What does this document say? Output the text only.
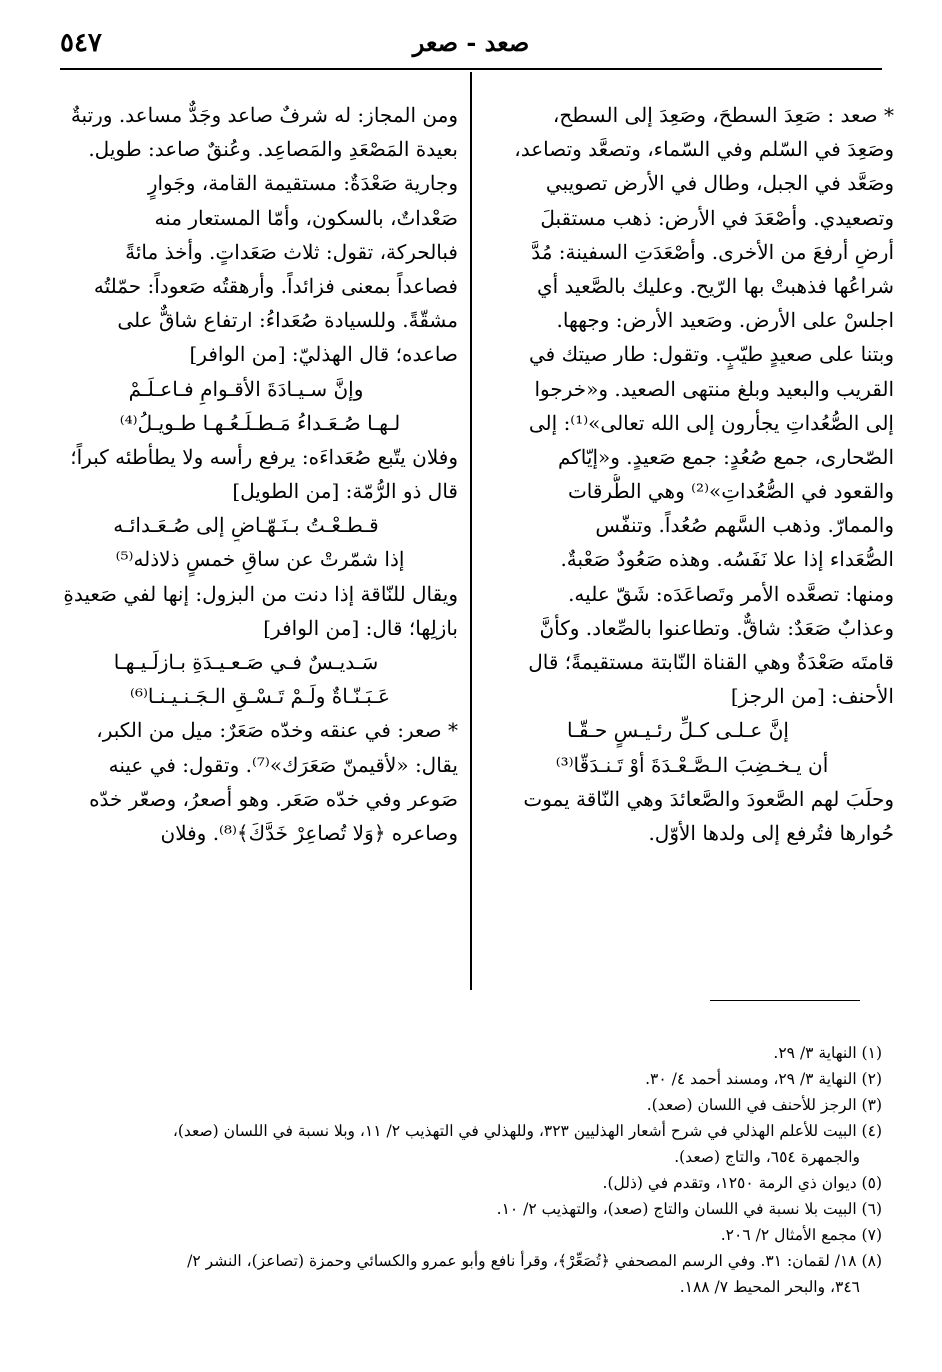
صعد - صعر
٥٤٧
* صعد : صَعِدَ السطحَ، وصَعِدَ إلى السطح،
وصَعِدَ في السّلم وفي السّماء، وتصعَّد وتصاعد،
وصَعَّد في الجبل، وطال في الأرض تصويبي
وتصعيدي. وأصْعَدَ في الأرض: ذهب مستقبلَ
أرضٍ أرفعَ من الأخرى. وأصْعَدَتِ السفينة: مُدَّ
شراعُها فذهبتْ بها الرّيح. وعليك بالصَّعيد أي
اجلسْ على الأرض. وصَعيد الأرض: وجهها.
وبتنا على صعيدٍ طيّبٍ. وتقول: طار صيتك في
القريب والبعيد وبلغ منتهى الصعيد. و«خرجوا
إلى الصُّعُداتِ يجأرون إلى الله تعالى»⁽¹⁾: إلى
الصّحارى، جمع صُعُدٍ: جمع صَعيدٍ. و«إيّاكم
والقعود في الصُّعُداتِ»⁽²⁾ وهي الطُّرقات
والممارّ. وذهب السَّهم صُعُداً. وتنفّس
الصُّعَداء إذا علا نَفَسُه. وهذه صَعُودٌ صَعْبةٌ.
ومنها: تصعَّده الأمر وتَصاعَدَه: شَقّ عليه.
وعذابٌ صَعَدٌ: شاقٌّ. وتطاعنوا بالصِّعاد. وكأنَّ
قامتَه صَعْدَةٌ وهي القناة النّابتة مستقيمةً؛ قال
الأحنف: [من الرجز]
إنَّ عـلـى كـلِّ رئـيـسٍ حـقّـا
أن يـخـضِبَ الـصَّـعْـدَةَ أوْ تَـنـدَقّا⁽³⁾
وحلَبَ لهم الصَّعودَ والصَّعائدَ وهي النّاقة يموت
حُوارها فتُرفع إلى ولدها الأوّل.
ومن المجاز: له شرفٌ صاعد وجَدٌّ مساعد. ورتبةٌ
بعيدة المَصْعَدِ والمَصاعِد. وعُنقٌ صاعد: طويل.
وجارية صَعْدَةٌ: مستقيمة القامة، وجَوارٍ
صَعْداتٌ، بالسكون، وأمّا المستعار منه
فبالحركة، تقول: ثلاث صَعَداتٍ. وأخذ مائةً
فصاعداً بمعنى فزائداً. وأرهقتُه صَعوداً: حمّلتُه
مشقّةً. وللسيادة صُعَداءُ: ارتفاع شاقٌّ على
صاعده؛ قال الهذليّ: [من الوافر]
وإنَّ سـيـادَةَ الأقـوامِ فـاعـلَـمْ
لـهـا صُـعَـداءُ مَـطـلَـعُـهـا طـويـلُ⁽⁴⁾
وفلان يتّبع صُعَداءَه: يرفع رأسه ولا يطأطئه كبراً؛
قال ذو الرُّمّة: [من الطويل]
قـطـعْـتُ بـنَـهّـاضٍ إلى صُـعَـدائـه
إذا شمّرتْ عن ساقِ خمسٍ ذلاذله⁽⁵⁾
ويقال للنّاقة إذا دنت من البزول: إنها لفي صَعيدةِ
بازلِها؛ قال: [من الوافر]
سَـديـسٌ فـي صَـعـيـدَةِ بـازلَـيـهـا
عَـبَـنّـاةٌ ولَـمْ تَـسْـقِ الـجَـنـيـنـا⁽⁶⁾
* صعر: في عنقه وخدّه صَعَرٌ: ميل من الكبر،
يقال: «لأقيمنّ صَعَرَك»⁽⁷⁾. وتقول: في عينه
صَوعر وفي خدّه صَعَر. وهو أصعرُ، وصعّر خدّه
وصاعره ﴿وَلا تُصاعِرْ خَدَّكَ﴾⁽⁸⁾. وفلان
(١) النهاية ٣/ ٢٩.
(٢) النهاية ٣/ ٢٩، ومسند أحمد ٤/ ٣٠.
(٣) الرجز للأحنف في اللسان (صعد).
(٤) البيت للأعلم الهذلي في شرح أشعار الهذليين ٣٢٣، وللهذلي في التهذيب ٢/ ١١، وبلا نسبة في اللسان (صعد)،
والجمهرة ٦٥٤، والتاج (صعد).
(٥) ديوان ذي الرمة ١٢٥٠، وتقدم في (ذلل).
(٦) البيت بلا نسبة في اللسان والتاج (صعد)، والتهذيب ٢/ ١٠.
(٧) مجمع الأمثال ٢/ ٢٠٦.
(٨) ١٨/ لقمان: ٣١. وفي الرسم المصحفي ﴿تُصَعِّرْ﴾، وقرأ نافع وأبو عمرو والكسائي وحمزة (تصاعز)، النشر ٢/
٣٤٦، والبحر المحيط ٧/ ١٨٨.
